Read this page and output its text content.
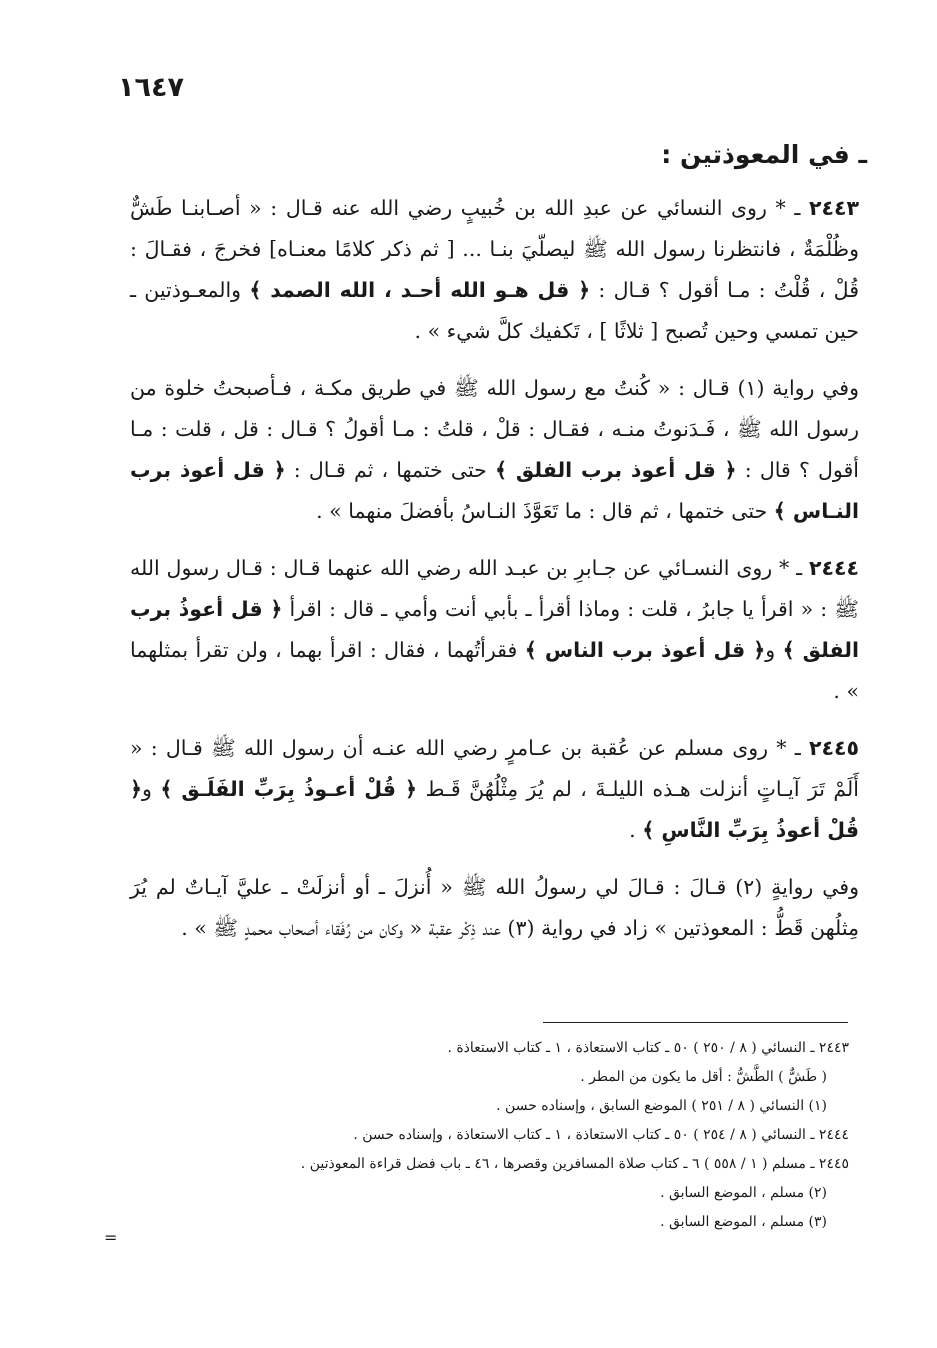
١٦٤٧
ـ في المعوذتين :

٢٤٤٣ ـ * روى النسائي عن عبدِ الله بن خُبيبٍ رضي الله عنه قـال : « أصـابنـا طَشٌّ وظُلْمَةٌ ، فانتظرنا رسول الله ﷺ ليصلّيَ بنـا ... [ ثم ذكر كلامًا معنـاه] فخرجَ ، فقـالَ : قُلْ ، قُلْتُ : مـا أقول ؟ قـال : ﴿ قل هـو الله أحـد ، الله الصمد ﴾ والمعـوذتين ـ حين تمسي وحين تُصبح [ ثلاثًا ] ، تَكفيك كلَّ شيء » .

وفي رواية (١) قـال : « كُنتُ مع رسول الله ﷺ في طريق مكـة ، فـأصبحتُ خلوة من رسول الله ﷺ ، فَـدَنوتُ منـه ، فقـال : قلْ ، قلتُ : مـا أقولُ ؟ قـال : قل ، قلت : مـا أقول ؟ قال : ﴿ قل أعوذ برب الفلق ﴾ حتى ختمها ، ثم قـال : ﴿ قل أعوذ برب النـاس ﴾ حتى ختمها ، ثم قال : ما تَعَوَّذَ النـاسُ بأفضلَ منهما » .

٢٤٤٤ ـ * روى النسـائي عن جـابرِ بن عبـد الله رضي الله عنهما قـال : قـال رسول الله ﷺ : « اقرأ يا جابرُ ، قلت : وماذا أقرأ ـ بأبي أنت وأمي ـ قال : اقرأ ﴿ قل أعوذُ برب الفلق ﴾ و﴿ قل أعوذ برب الناس ﴾ فقرأتُهما ، فقال : اقرأ بهما ، ولن تقرأ بمثلهما » .

٢٤٤٥ ـ * روى مسلم عن عُقبة بن عـامرٍ رضي الله عنـه أن رسول الله ﷺ قـال : « أَلَمْ تَرَ آيـاتٍ أنزلت هـذه الليلـةَ ، لم يُرَ مِثْلُهُنَّ قَـط ﴿ قُلْ أعـوذُ بِرَبِّ الفَلَـق ﴾ و﴿ قُلْ أعوذُ بِرَبِّ النَّاسِ ﴾ .

وفي روايةٍ (٢) قـالَ : قـالَ لي رسولُ الله ﷺ « أُنزلَ ـ أو أنزلَتْ ـ عليَّ آيـاتٌ لم يُرَ مِثلُهن قَطُّ : المعوذتين » زاد في رواية (٣) عند ذِكْر عقبة « وكان من رُفَقاء أصحاب محمدٍ ﷺ » .

٢٤٤٣ ـ النسائي ( ٨ / ٢٥٠ ) ٥٠ ـ كتاب الاستعاذة ، ١ ـ كتاب الاستعاذة .

( طَشٌّ ) الطَّشُّ : أقل ما يكون من المطر .

(١) النسائي ( ٨ / ٢٥١ ) الموضع السابق ، وإسناده حسن .

٢٤٤٤ ـ النسائي ( ٨ / ٢٥٤ ) ٥٠ ـ كتاب الاستعاذة ، ١ ـ كتاب الاستعاذة ، وإسناده حسن .

٢٤٤٥ ـ مسلم ( ١ / ٥٥٨ ) ٦ ـ كتاب صلاة المسافرين وقصرها ، ٤٦ ـ باب فضل قراءة المعوذتين .

(٢) مسلم ، الموضع السابق .

(٣) مسلم ، الموضع السابق .

=
